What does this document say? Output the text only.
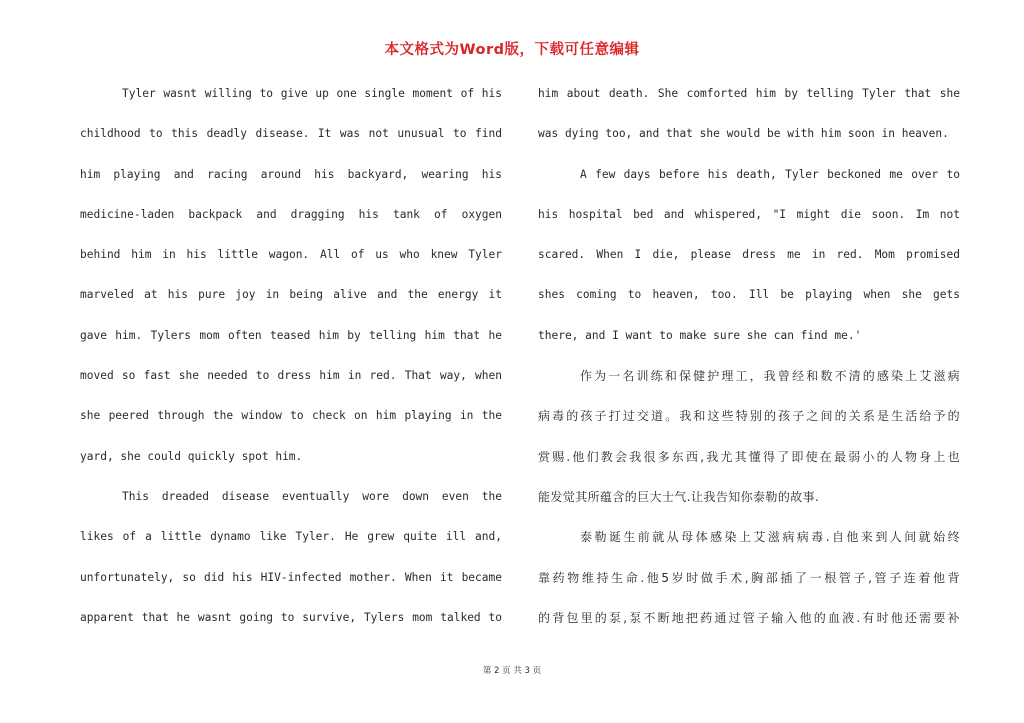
本文格式为Word版，下载可任意编辑
Tyler wasnt willing to give up one single moment of his
childhood to this deadly disease. It was not unusual to find
him playing and racing around his backyard, wearing his
medicine-laden backpack and dragging his tank of oxygen
behind him in his little wagon. All of us who knew Tyler
marveled at his pure joy in being alive and the energy it
gave him. Tylers mom often teased him by telling him that he
moved so fast she needed to dress him in red. That way, when
she peered through the window to check on him playing in the
yard, she could quickly spot him.
This dreaded disease eventually wore down even the
likes of a little dynamo like Tyler. He grew quite ill and,
unfortunately, so did his HIV-infected mother. When it became
apparent that he wasnt going to survive, Tylers mom talked to
him about death. She comforted him by telling Tyler that she
was dying too, and that she would be with him soon in heaven.
A few days before his death, Tyler beckoned me over to
his hospital bed and whispered, "I might die soon. Im not
scared. When I die, please dress me in red. Mom promised
shes coming to heaven, too. Ill be playing when she gets
there, and I want to make sure she can find me.'
作为一名训练和保健护理工，我曾经和数不清的感染上艾滋病
病毒的孩子打过交道。我和这些特别的孩子之间的关系是生活给予的
赏赐.他们教会我很多东西,我尤其懂得了即使在最弱小的人物身上也
能发觉其所蕴含的巨大士气.让我告知你泰勒的故事.
泰勒诞生前就从母体感染上艾滋病病毒.自他来到人间就始终
靠药物维持生命.他5岁时做手术,胸部插了一根管子,管子连着他背
的背包里的泵,泵不断地把药通过管子输入他的血液.有时他还需要补
第 2 页 共 3 页
